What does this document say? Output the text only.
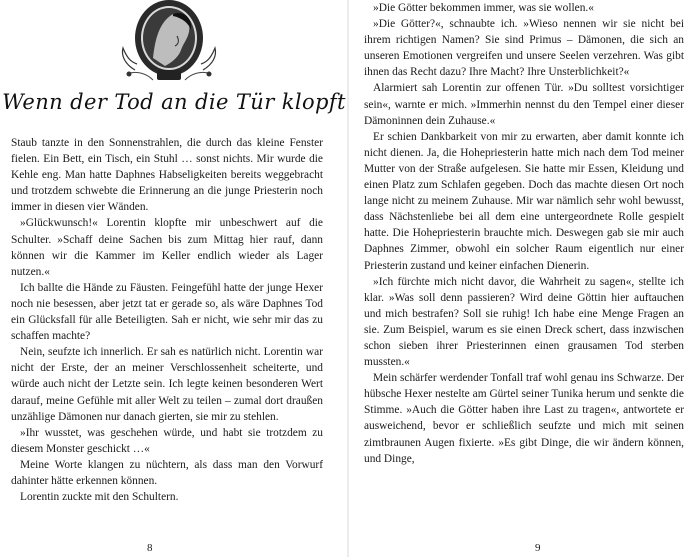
Wenn der Tod an die Tür klopft

Staub tanzte in den Sonnenstrahlen, die durch das kleine Fenster fielen. Ein Bett, ein Tisch, ein Stuhl … sonst nichts. Mir wurde die Kehle eng. Man hatte Daphnes Habseligkeiten bereits weggebracht und trotzdem schwebte die Erinnerung an die junge Priesterin noch immer in diesen vier Wänden.

»Glückwunsch!« Lorentin klopfte mir unbeschwert auf die Schulter. »Schaff deine Sachen bis zum Mittag hier rauf, dann können wir die Kammer im Keller endlich wieder als Lager nutzen.«

Ich ballte die Hände zu Fäusten. Feingefühl hatte der junge Hexer noch nie besessen, aber jetzt tat er gerade so, als wäre Daphnes Tod ein Glücksfall für alle Beteiligten. Sah er nicht, wie sehr mir das zu schaffen machte?

Nein, seufzte ich innerlich. Er sah es natürlich nicht. Lorentin war nicht der Erste, der an meiner Verschlossenheit scheiterte, und würde auch nicht der Letzte sein. Ich legte keinen besonderen Wert darauf, meine Gefühle mit aller Welt zu teilen – zumal dort draußen unzählige Dämonen nur danach gierten, sie mir zu stehlen.

»Ihr wusstet, was geschehen würde, und habt sie trotzdem zu diesem Monster geschickt …«

Meine Worte klangen zu nüchtern, als dass man den Vorwurf dahinter hätte erkennen können.

Lorentin zuckte mit den Schultern.

8

»Die Götter bekommen immer, was sie wollen.«

»Die Götter?«, schnaubte ich. »Wieso nennen wir sie nicht bei ihrem richtigen Namen? Sie sind Primus – Dämonen, die sich an unseren Emotionen vergreifen und unsere Seelen verzehren. Was gibt ihnen das Recht dazu? Ihre Macht? Ihre Unsterblichkeit?«

Alarmiert sah Lorentin zur offenen Tür. »Du solltest vorsichtiger sein«, warnte er mich. »Immerhin nennst du den Tempel einer dieser Dämoninnen dein Zuhause.«

Er schien Dankbarkeit von mir zu erwarten, aber damit konnte ich nicht dienen. Ja, die Hohepriesterin hatte mich nach dem Tod meiner Mutter von der Straße aufgelesen. Sie hatte mir Essen, Kleidung und einen Platz zum Schlafen gegeben. Doch das machte diesen Ort noch lange nicht zu meinem Zuhause. Mir war nämlich sehr wohl bewusst, dass Nächstenliebe bei all dem eine untergeordnete Rolle gespielt hatte. Die Hohepriesterin brauchte mich. Deswegen gab sie mir auch Daphnes Zimmer, obwohl ein solcher Raum eigentlich nur einer Priesterin zustand und keiner einfachen Dienerin.

»Ich fürchte mich nicht davor, die Wahrheit zu sagen«, stellte ich klar. »Was soll denn passieren? Wird deine Göttin hier auftauchen und mich bestrafen? Soll sie ruhig! Ich habe eine Menge Fragen an sie. Zum Beispiel, warum es sie einen Dreck schert, dass inzwischen schon sieben ihrer Priesterinnen einen grausamen Tod sterben mussten.«

Mein schärfer werdender Tonfall traf wohl genau ins Schwarze. Der hübsche Hexer nestelte am Gürtel seiner Tunika herum und senkte die Stimme. »Auch die Götter haben ihre Last zu tragen«, antwortete er ausweichend, bevor er schließlich seufzte und mich mit seinen zimtbraunen Augen fixierte. »Es gibt Dinge, die wir ändern können, und Dinge,

9
